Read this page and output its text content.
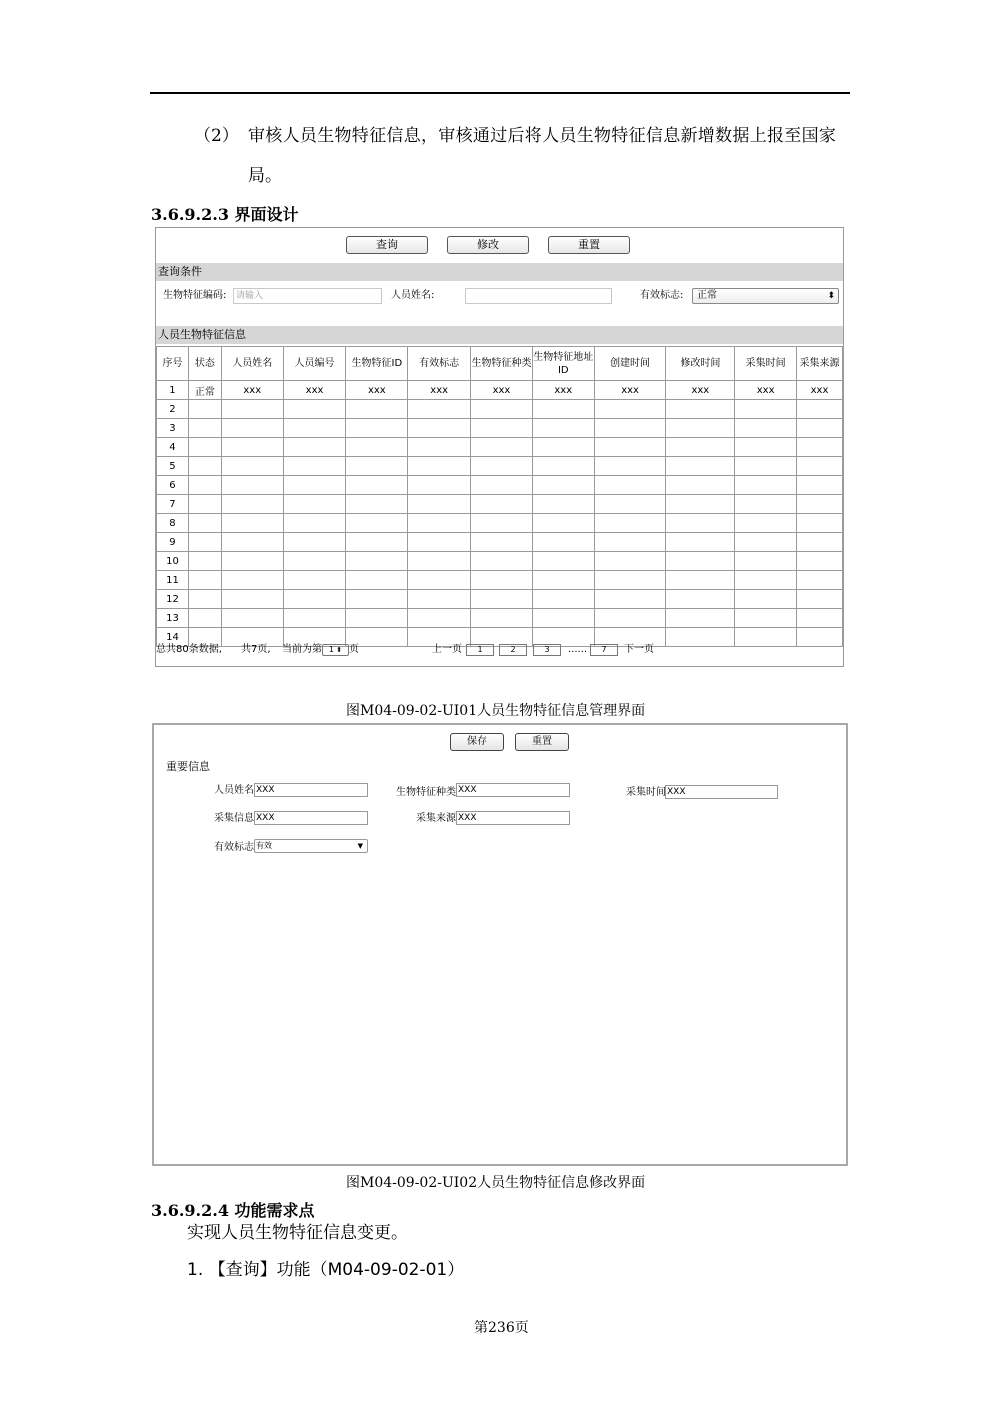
（2） 审核人员生物特征信息，审核通过后将人员生物特征信息新增数据上报至国家
局。
3.6.9.2.3 界面设计
查询	修改	重置
查询条件
生物特征编码:	请输入	人员姓名:	有效标志:	正常	⬍
人员生物特征信息
序号	状态	人员姓名	人员编号	生物特征ID	有效标志	生物特征种类	生物特征地址ID	创建时间	修改时间	采集时间	采集来源
1	正常	xxx	xxx	xxx	xxx	xxx	xxx	xxx	xxx	xxx	xxx
2											
3											
4											
5											
6											
7											
8											
9											
10											
11											
12											
13											
14											
总共80条数据, 共7页, 当前为第 1 ⬍ 页	上一页	1	2	3	......	7	下一页
图M04-09-02-UI01人员生物特征信息管理界面
保存	重置
重要信息
人员姓名 XXX	生物特征种类 XXX	采集时间 XXX
采集信息 XXX	采集来源 XXX
有效标志 有效	▼
图M04-09-02-UI02人员生物特征信息修改界面
3.6.9.2.4 功能需求点
实现人员生物特征信息变更。
1. 【查询】功能（M04-09-02-01）
第236页
